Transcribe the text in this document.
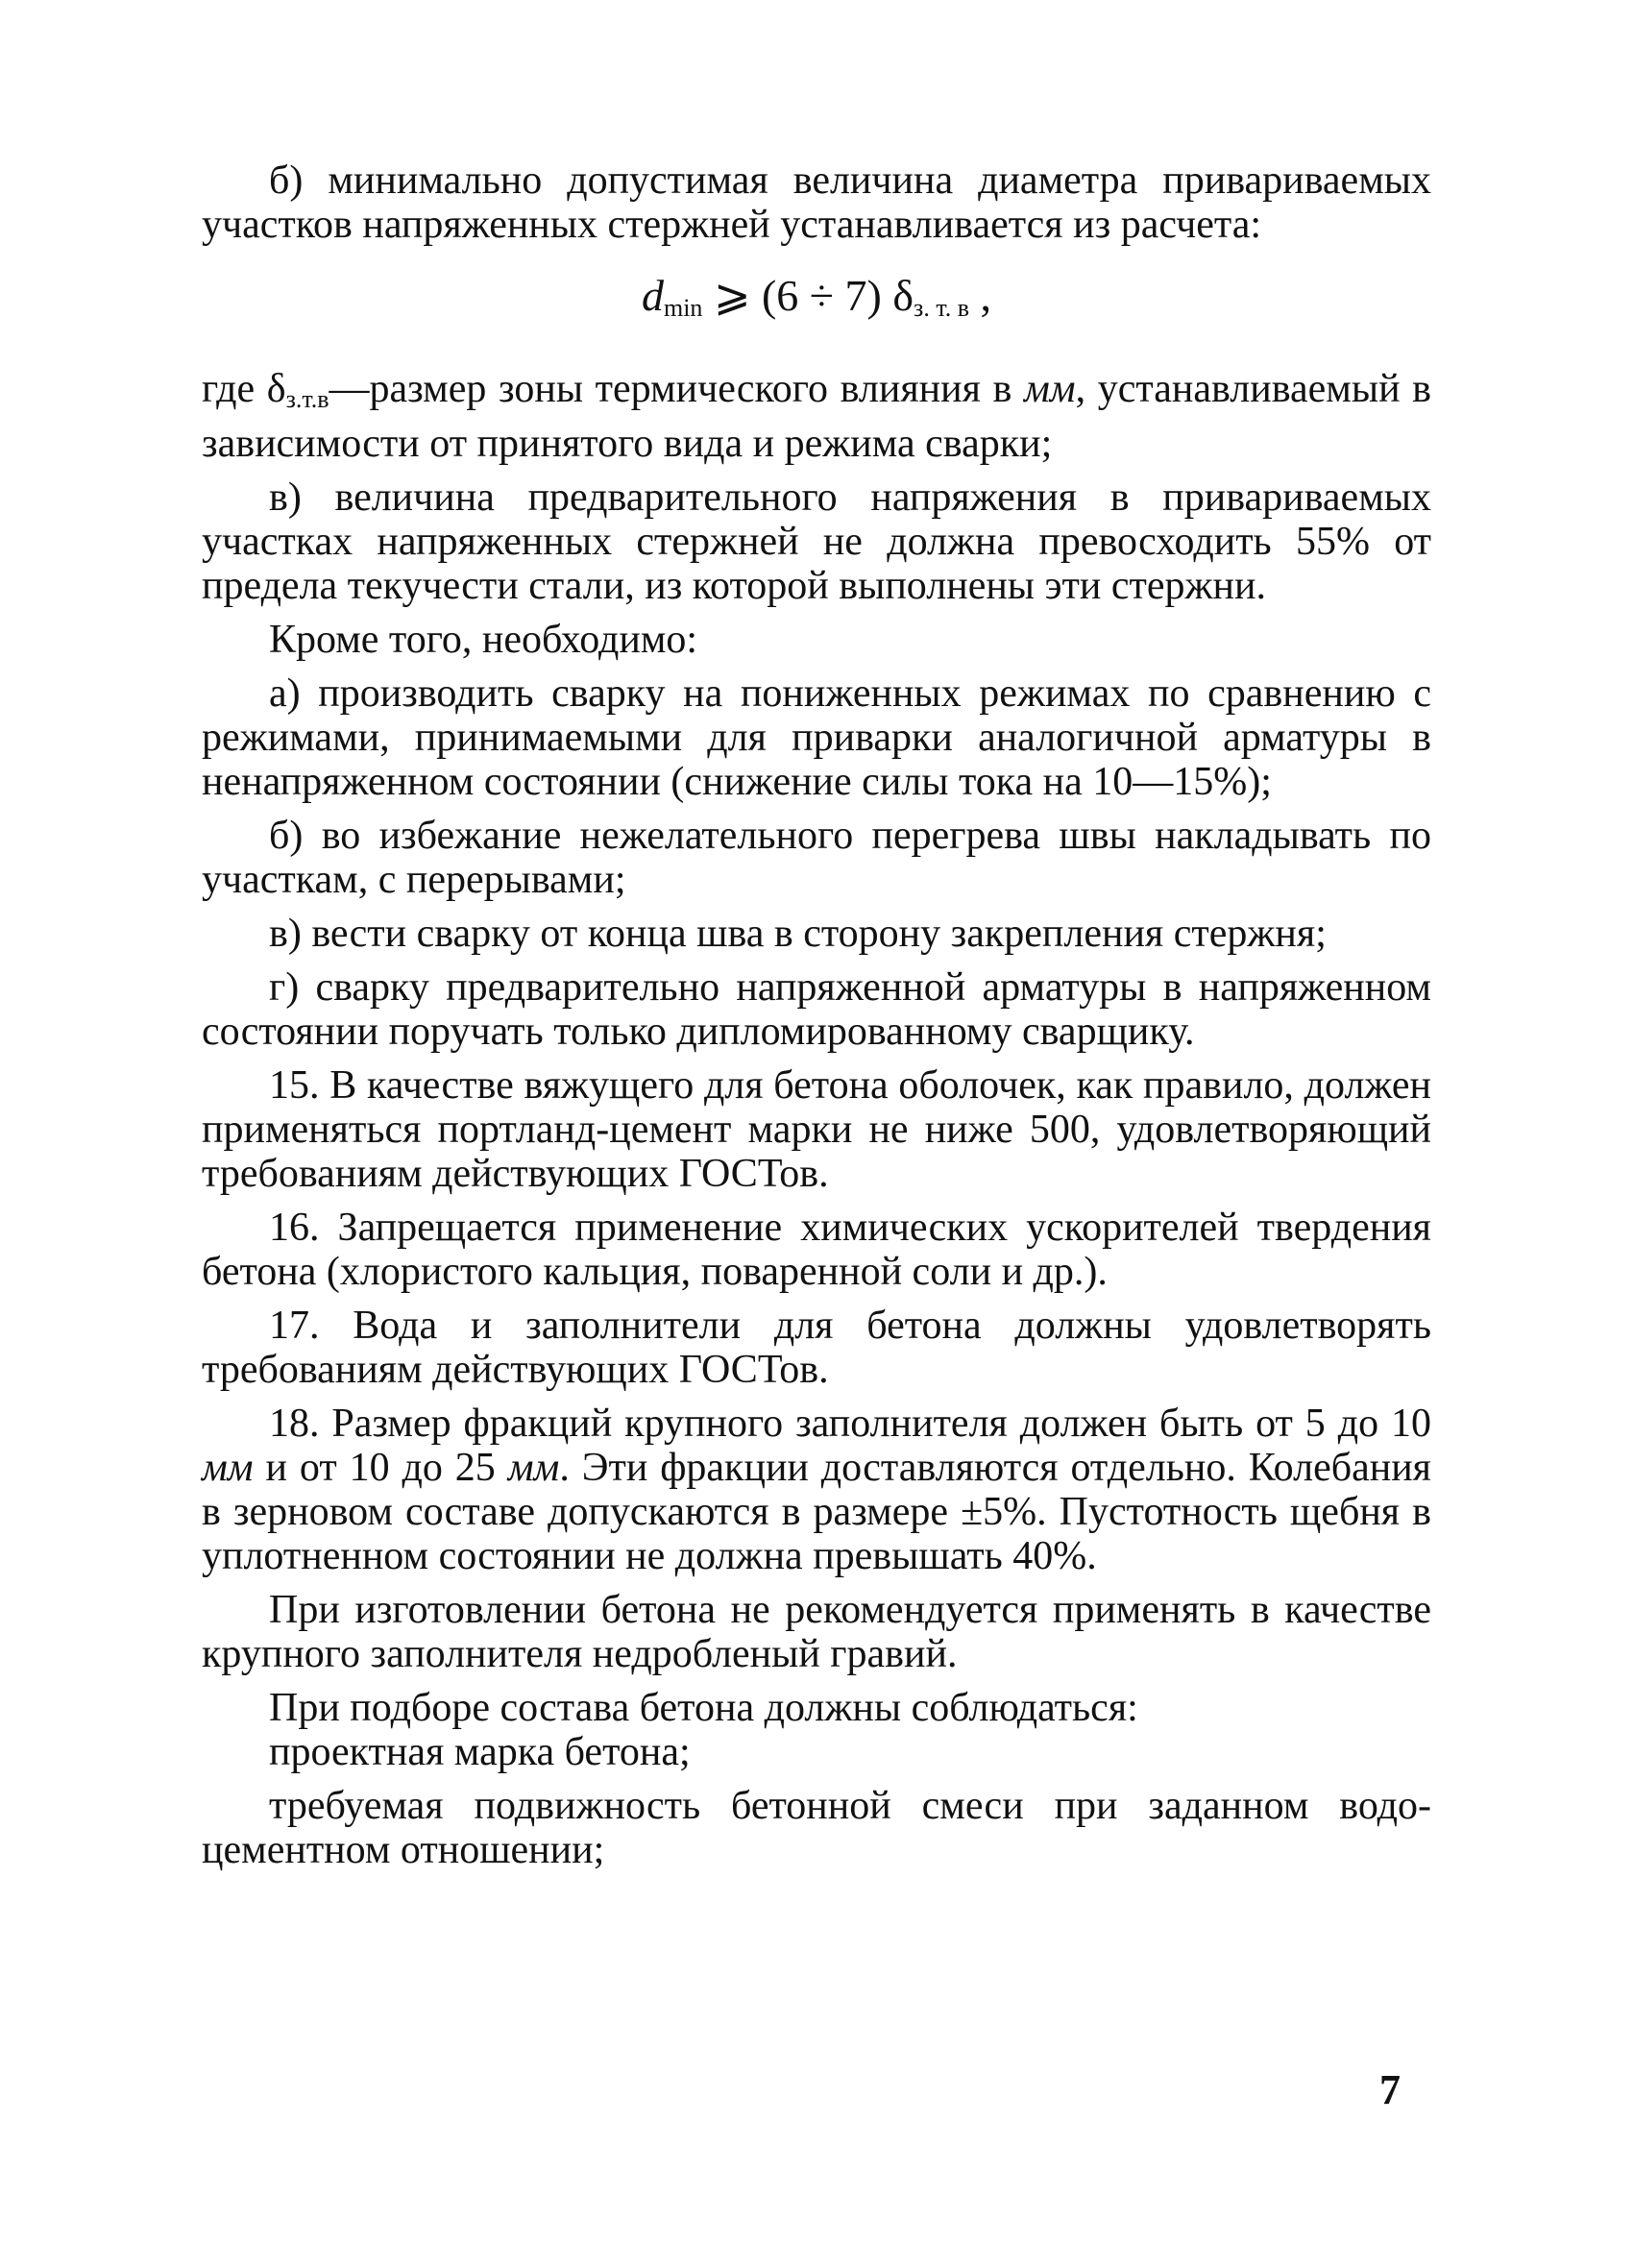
б) минимально допустимая величина диаметра привариваемых участков напряженных стержней устанавливается из расчета:

$d_{min}$ ⩾ (6 ÷ 7) $\delta_{з. т. в}$ ,

где $\delta_{з.т.в}—размер$ зоны термического влияния в мм, устанавливаемый в зависимости от принятого вида и режима сварки;

в) величина предварительного напряжения в привариваемых участках напряженных стержней не должна превосходить 55% от предела текучести стали, из которой выполнены эти стержни.

Кроме того, необходимо:

а) производить сварку на пониженных режимах по сравнению с режимами, принимаемыми для приварки аналогичной арматуры в ненапряженном состоянии (снижение силы тока на 10—15%);

б) во избежание нежелательного перегрева швы накладывать по участкам, с перерывами;

в) вести сварку от конца шва в сторону закрепления стержня;

г) сварку предварительно напряженной арматуры в напряженном состоянии поручать только дипломированному сварщику.

15. В качестве вяжущего для бетона оболочек, как правило, должен применяться портланд-цемент марки не ниже 500, удовлетворяющий требованиям действующих ГОСТов.

16. Запрещается применение химических ускорителей твердения бетона (хлористого кальция, поваренной соли и др.).

17. Вода и заполнители для бетона должны удовлетворять требованиям действующих ГОСТов.

18. Размер фракций крупного заполнителя должен быть от 5 до 10 мм и от 10 до 25 мм. Эти фракции доставляются отдельно. Колебания в зерновом составе допускаются в размере ±5%. Пустотность щебня в уплотненном состоянии не должна превышать 40%.

При изготовлении бетона не рекомендуется применять в качестве крупного заполнителя недробленый гравий.

При подборе состава бетона должны соблюдаться:

проектная марка бетона;

требуемая подвижность бетонной смеси при заданном водо-цементном отношении;

7
